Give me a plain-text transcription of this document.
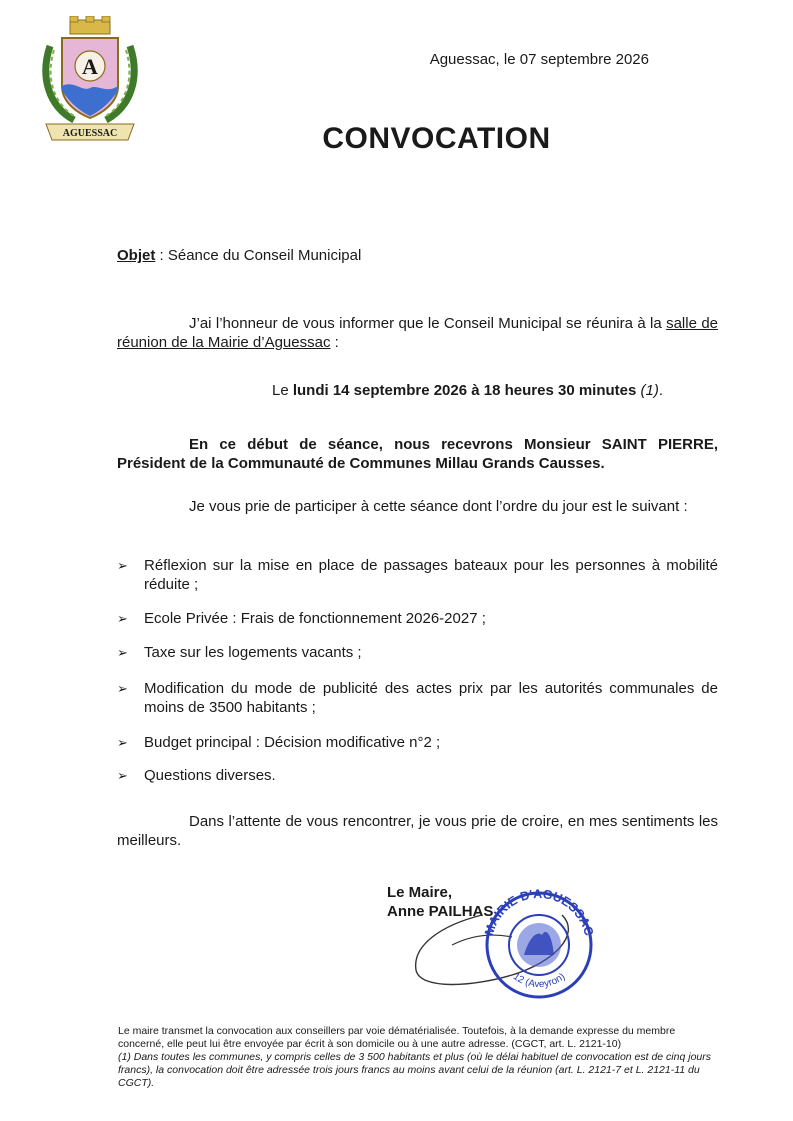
A
AGUESSAC
Aguessac, le 07 septembre 2026
CONVOCATION
Objet : Séance du Conseil Municipal
J’ai l’honneur de vous informer que le Conseil Municipal se réunira à la salle de réunion de la Mairie d’Aguessac :
Le lundi 14 septembre 2026 à 18 heures 30 minutes (1).
En ce début de séance, nous recevrons Monsieur SAINT PIERRE, Président de la Communauté de Communes Millau Grands Causses.
Je vous prie de participer à cette séance dont l’ordre du jour est le suivant :
➢ Réflexion sur la mise en place de passages bateaux pour les personnes à mobilité réduite ;
➢ Ecole Privée : Frais de fonctionnement 2026-2027 ;
➢ Taxe sur les logements vacants ;
➢ Modification du mode de publicité des actes prix par les autorités communales de moins de 3500 habitants ;
➢ Budget principal : Décision modificative n°2 ;
➢ Questions diverses.
Dans l’attente de vous rencontrer, je vous prie de croire, en mes sentiments les meilleurs.
Le Maire,
Anne PAILHAS
MAIRIE D'AGUESSAC
12 (Aveyron)
Le maire transmet la convocation aux conseillers par voie dématérialisée. Toutefois, à la demande expresse du membre concerné, elle peut lui être envoyée par écrit à son domicile ou à une autre adresse. (CGCT, art. L. 2121-10)
(1) Dans toutes les communes, y compris celles de 3 500 habitants et plus (où le délai habituel de convocation est de cinq jours francs), la convocation doit être adressée trois jours francs au moins avant celui de la réunion (art. L. 2121-7 et L. 2121-11 du CGCT).
